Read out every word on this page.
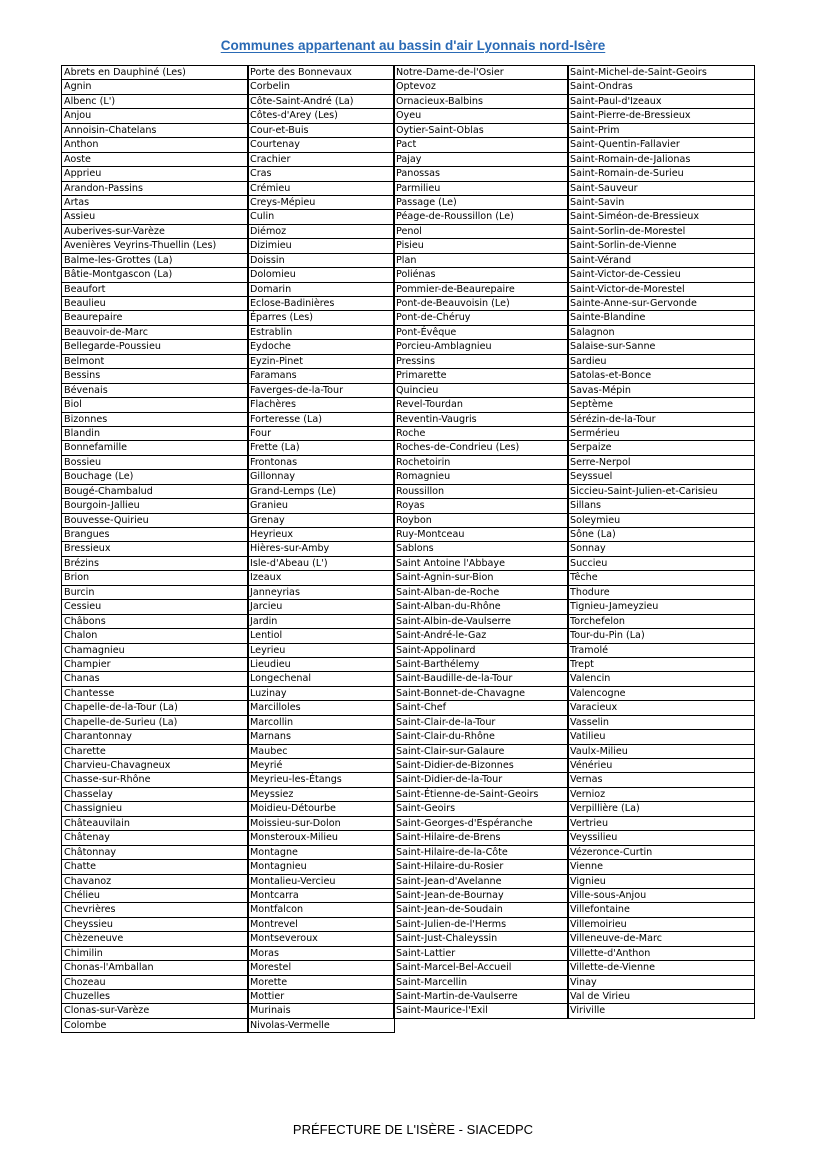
Communes appartenant au bassin d'air Lyonnais nord-Isère
Abrets en Dauphiné (Les)
Agnin
Albenc (L')
Anjou
Annoisin-Chatelans
Anthon
Aoste
Apprieu
Arandon-Passins
Artas
Assieu
Auberives-sur-Varèze
Avenières Veyrins-Thuellin (Les)
Balme-les-Grottes (La)
Bâtie-Montgascon (La)
Beaufort
Beaulieu
Beaurepaire
Beauvoir-de-Marc
Bellegarde-Poussieu
Belmont
Bessins
Bévenais
Biol
Bizonnes
Blandin
Bonnefamille
Bossieu
Bouchage (Le)
Bougé-Chambalud
Bourgoin-Jallieu
Bouvesse-Quirieu
Brangues
Bressieux
Brézins
Brion
Burcin
Cessieu
Châbons
Chalon
Chamagnieu
Champier
Chanas
Chantesse
Chapelle-de-la-Tour (La)
Chapelle-de-Surieu (La)
Charantonnay
Charette
Charvieu-Chavagneux
Chasse-sur-Rhône
Chasselay
Chassignieu
Châteauvilain
Châtenay
Châtonnay
Chatte
Chavanoz
Chélieu
Chevrières
Cheyssieu
Chèzeneuve
Chimilin
Chonas-l'Amballan
Chozeau
Chuzelles
Clonas-sur-Varèze
Colombe
Porte des Bonnevaux
Corbelin
Côte-Saint-André (La)
Côtes-d'Arey (Les)
Cour-et-Buis
Courtenay
Crachier
Cras
Crémieu
Creys-Mépieu
Culin
Diémoz
Dizimieu
Doissin
Dolomieu
Domarin
Eclose-Badinières
Éparres (Les)
Estrablin
Eydoche
Eyzin-Pinet
Faramans
Faverges-de-la-Tour
Flachères
Forteresse (La)
Four
Frette (La)
Frontonas
Gillonnay
Grand-Lemps (Le)
Granieu
Grenay
Heyrieux
Hières-sur-Amby
Isle-d'Abeau (L')
Izeaux
Janneyrias
Jarcieu
Jardin
Lentiol
Leyrieu
Lieudieu
Longechenal
Luzinay
Marcilloles
Marcollin
Marnans
Maubec
Meyrié
Meyrieu-les-Étangs
Meyssiez
Moidieu-Détourbe
Moissieu-sur-Dolon
Monsteroux-Milieu
Montagne
Montagnieu
Montalieu-Vercieu
Montcarra
Montfalcon
Montrevel
Montseveroux
Moras
Morestel
Morette
Mottier
Murinais
Nivolas-Vermelle
Notre-Dame-de-l'Osier
Optevoz
Ornacieux-Balbins
Oyeu
Oytier-Saint-Oblas
Pact
Pajay
Panossas
Parmilieu
Passage (Le)
Péage-de-Roussillon (Le)
Penol
Pisieu
Plan
Poliénas
Pommier-de-Beaurepaire
Pont-de-Beauvoisin (Le)
Pont-de-Chéruy
Pont-Évêque
Porcieu-Amblagnieu
Pressins
Primarette
Quincieu
Revel-Tourdan
Reventin-Vaugris
Roche
Roches-de-Condrieu (Les)
Rochetoirin
Romagnieu
Roussillon
Royas
Roybon
Ruy-Montceau
Sablons
Saint Antoine l'Abbaye
Saint-Agnin-sur-Bion
Saint-Alban-de-Roche
Saint-Alban-du-Rhône
Saint-Albin-de-Vaulserre
Saint-André-le-Gaz
Saint-Appolinard
Saint-Barthélemy
Saint-Baudille-de-la-Tour
Saint-Bonnet-de-Chavagne
Saint-Chef
Saint-Clair-de-la-Tour
Saint-Clair-du-Rhône
Saint-Clair-sur-Galaure
Saint-Didier-de-Bizonnes
Saint-Didier-de-la-Tour
Saint-Étienne-de-Saint-Geoirs
Saint-Geoirs
Saint-Georges-d'Espéranche
Saint-Hilaire-de-Brens
Saint-Hilaire-de-la-Côte
Saint-Hilaire-du-Rosier
Saint-Jean-d'Avelanne
Saint-Jean-de-Bournay
Saint-Jean-de-Soudain
Saint-Julien-de-l'Herms
Saint-Just-Chaleyssin
Saint-Lattier
Saint-Marcel-Bel-Accueil
Saint-Marcellin
Saint-Martin-de-Vaulserre
Saint-Maurice-l'Exil
Saint-Michel-de-Saint-Geoirs
Saint-Ondras
Saint-Paul-d'Izeaux
Saint-Pierre-de-Bressieux
Saint-Prim
Saint-Quentin-Fallavier
Saint-Romain-de-Jalionas
Saint-Romain-de-Surieu
Saint-Sauveur
Saint-Savin
Saint-Siméon-de-Bressieux
Saint-Sorlin-de-Morestel
Saint-Sorlin-de-Vienne
Saint-Vérand
Saint-Victor-de-Cessieu
Saint-Victor-de-Morestel
Sainte-Anne-sur-Gervonde
Sainte-Blandine
Salagnon
Salaise-sur-Sanne
Sardieu
Satolas-et-Bonce
Savas-Mépin
Septème
Sérézin-de-la-Tour
Sermérieu
Serpaize
Serre-Nerpol
Seyssuel
Siccieu-Saint-Julien-et-Carisieu
Sillans
Soleymieu
Sône (La)
Sonnay
Succieu
Têche
Thodure
Tignieu-Jameyzieu
Torchefelon
Tour-du-Pin (La)
Tramolé
Trept
Valencin
Valencogne
Varacieux
Vasselin
Vatilieu
Vaulx-Milieu
Vénérieu
Vernas
Vernioz
Verpillière (La)
Vertrieu
Veyssilieu
Vézeronce-Curtin
Vienne
Vignieu
Ville-sous-Anjou
Villefontaine
Villemoirieu
Villeneuve-de-Marc
Villette-d'Anthon
Villette-de-Vienne
Vinay
Val de Virieu
Viriville
PRÉFECTURE DE L'ISÈRE - SIACEDPC
